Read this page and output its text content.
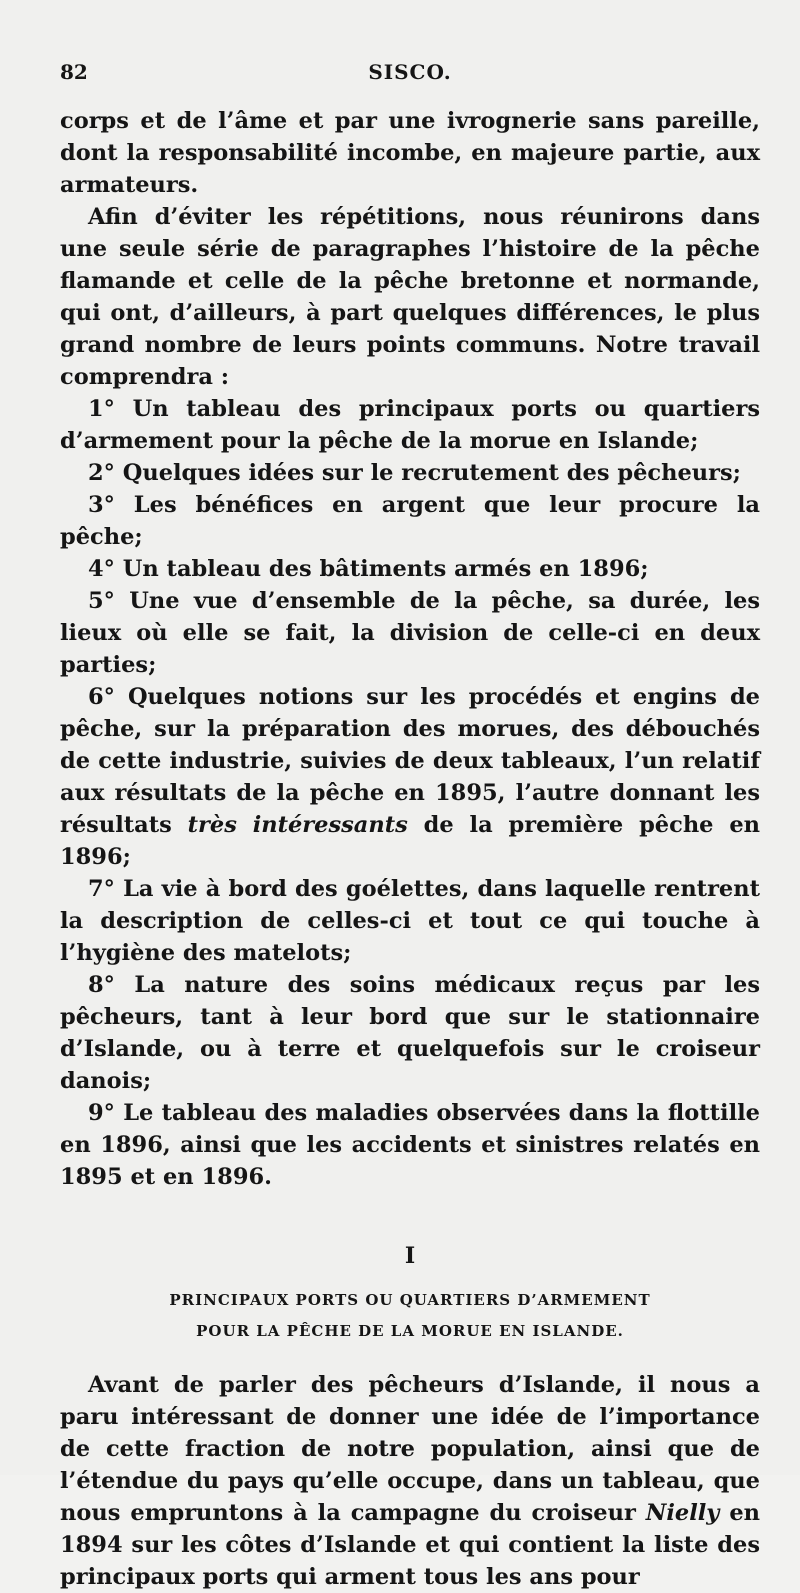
82	SISCO.

corps et de l’âme et par une ivrognerie sans pareille, dont la responsabilité incombe, en majeure partie, aux armateurs.

Afin d’éviter les répétitions, nous réunirons dans une seule série de paragraphes l’histoire de la pêche flamande et celle de la pêche bretonne et normande, qui ont, d’ailleurs, à part quelques différences, le plus grand nombre de leurs points communs. Notre travail comprendra :

1° Un tableau des principaux ports ou quartiers d’armement pour la pêche de la morue en Islande;

2° Quelques idées sur le recrutement des pêcheurs;

3° Les bénéfices en argent que leur procure la pêche;

4° Un tableau des bâtiments armés en 1896;

5° Une vue d’ensemble de la pêche, sa durée, les lieux où elle se fait, la division de celle-ci en deux parties;

6° Quelques notions sur les procédés et engins de pêche, sur la préparation des morues, des débouchés de cette industrie, suivies de deux tableaux, l’un relatif aux résultats de la pêche en 1895, l’autre donnant les résultats très intéressants de la première pêche en 1896;

7° La vie à bord des goélettes, dans laquelle rentrent la description de celles-ci et tout ce qui touche à l’hygiène des matelots;

8° La nature des soins médicaux reçus par les pêcheurs, tant à leur bord que sur le stationnaire d’Islande, ou à terre et quelquefois sur le croiseur danois;

9° Le tableau des maladies observées dans la flottille en 1896, ainsi que les accidents et sinistres relatés en 1895 et en 1896.

I

PRINCIPAUX PORTS OU QUARTIERS D’ARMEMENT

POUR LA PÊCHE DE LA MORUE EN ISLANDE.

Avant de parler des pêcheurs d’Islande, il nous a paru intéressant de donner une idée de l’importance de cette fraction de notre population, ainsi que de l’étendue du pays qu’elle occupe, dans un tableau, que nous empruntons à la campagne du croiseur Nielly en 1894 sur les côtes d’Islande et qui contient la liste des principaux ports qui arment tous les ans pour
